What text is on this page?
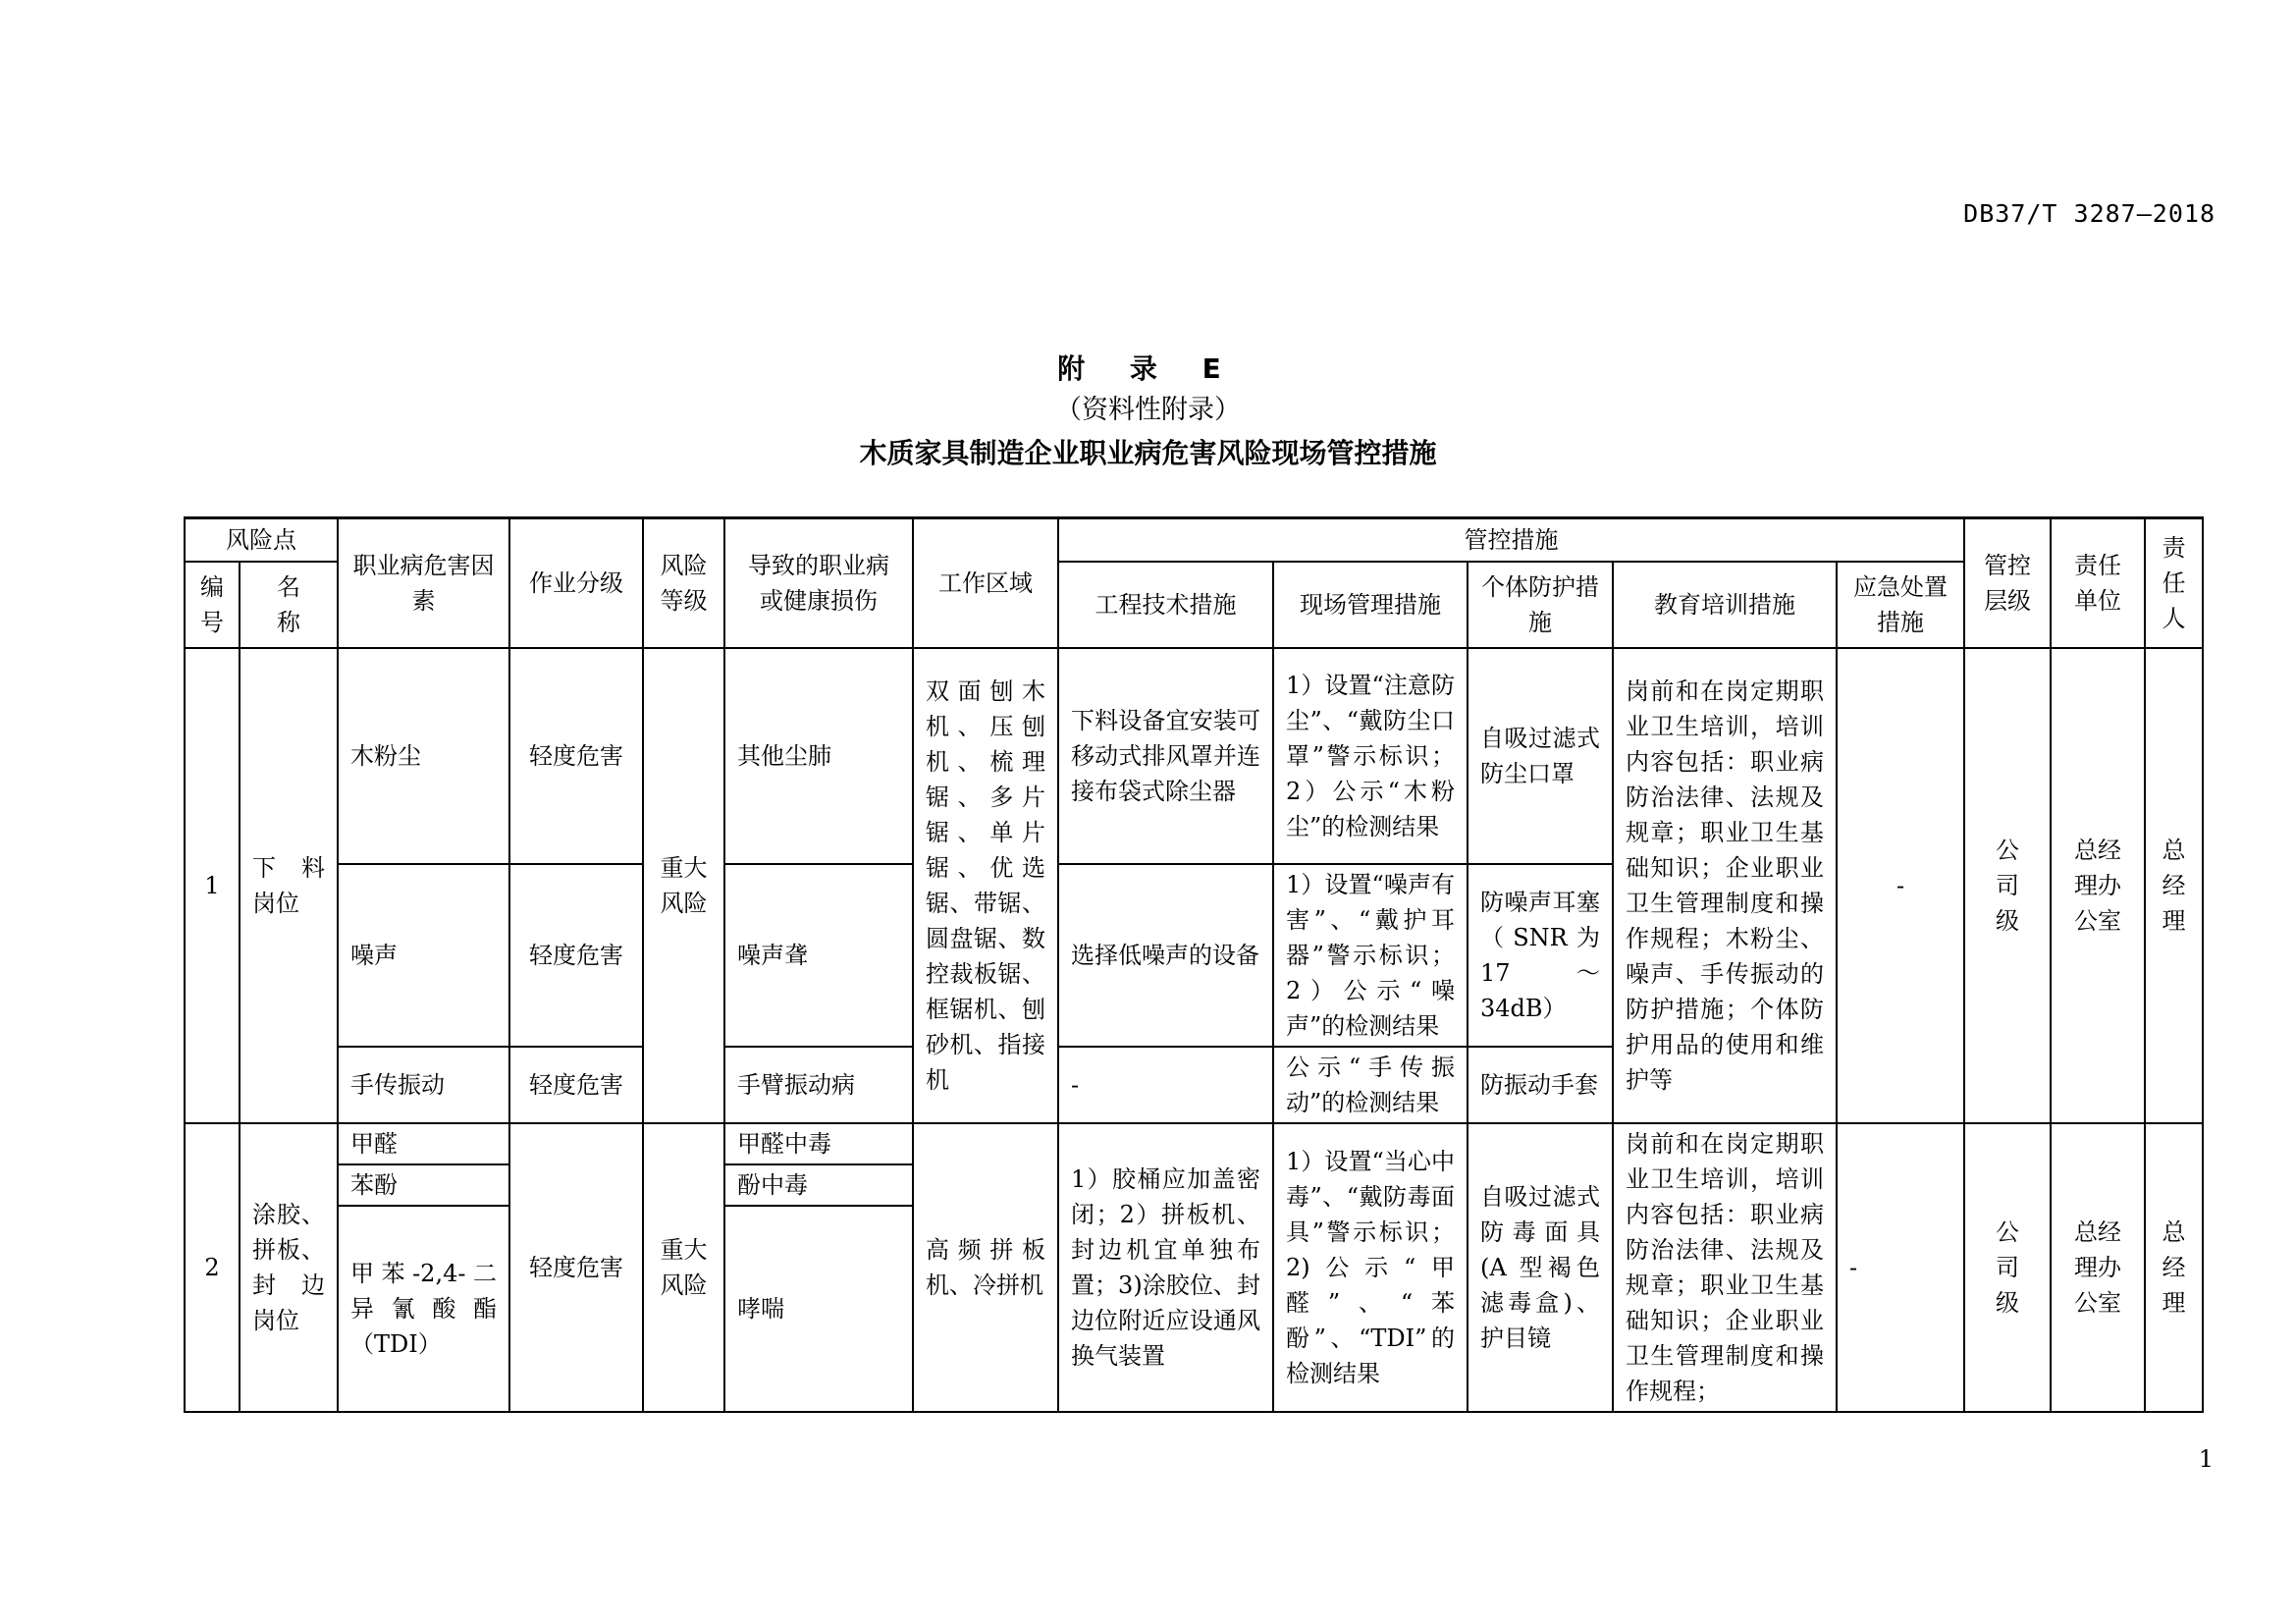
DB37/T 3287—2018
附 录 E
（资料性附录）
木质家具制造企业职业病危害风险现场管控措施
风险点		职业病危害因素	作业分级	风险等级	导致的职业病或健康损伤	工作区域	管控措施					管控层级	责任单位	责任人
编号	名称						工程技术措施	现场管理措施	个体防护措施	教育培训措施	应急处置措施			
1	下 料 岗位	木粉尘	轻度危害	重大风险	其他尘肺	双面刨木机、压刨机、梳理锯、多片锯、单片锯、优选锯、带锯、圆盘锯、数控裁板锯、框锯机、刨砂机、指接机	下料设备宜安装可移动式排风罩并连接布袋式除尘器	1）设置“注意防尘”、“戴防尘口罩”警示标识；2）公示“木粉尘”的检测结果	自吸过滤式防尘口罩	岗前和在岗定期职业卫生培训，培训内容包括：职业病防治法律、法规及规章；职业卫生基础知识；企业职业卫生管理制度和操作规程；木粉尘、噪声、手传振动的防护措施；个体防护用品的使用和维护等	-	公司级	总经理办公室	总经理
		噪声	轻度危害		噪声聋		选择低噪声的设备	1）设置“噪声有害”、“戴护耳器”警示标识；2）公示“噪声”的检测结果	防噪声耳塞（SNR为 17～34dB）					
		手传振动	轻度危害		手臂振动病		-	公示“手传振动”的检测结果	防振动手套					
2	涂胶、拼板、封 边岗位	甲醛	轻度危害	重大风险	甲醛中毒	高频拼板机、冷拼机	1）胶桶应加盖密闭；2）拼板机、封边机宜单独布置；3)涂胶位、封边位附近应设通风换气装置	1）设置“当心中毒”、“戴防毒面具”警示标识；2)公示“甲醛”、“苯酚”、“TDI”的检测结果	自吸过滤式防毒面具(A 型褐色滤毒盒)、护目镜	岗前和在岗定期职业卫生培训，培训内容包括：职业病防治法律、法规及规章；职业卫生基础知识；企业职业卫生管理制度和操作规程；	-	公司级	总经理办公室	总经理
		苯酚			酚中毒									
		甲苯-2,4-二异氰酸酯（TDI）			哮喘									
1
